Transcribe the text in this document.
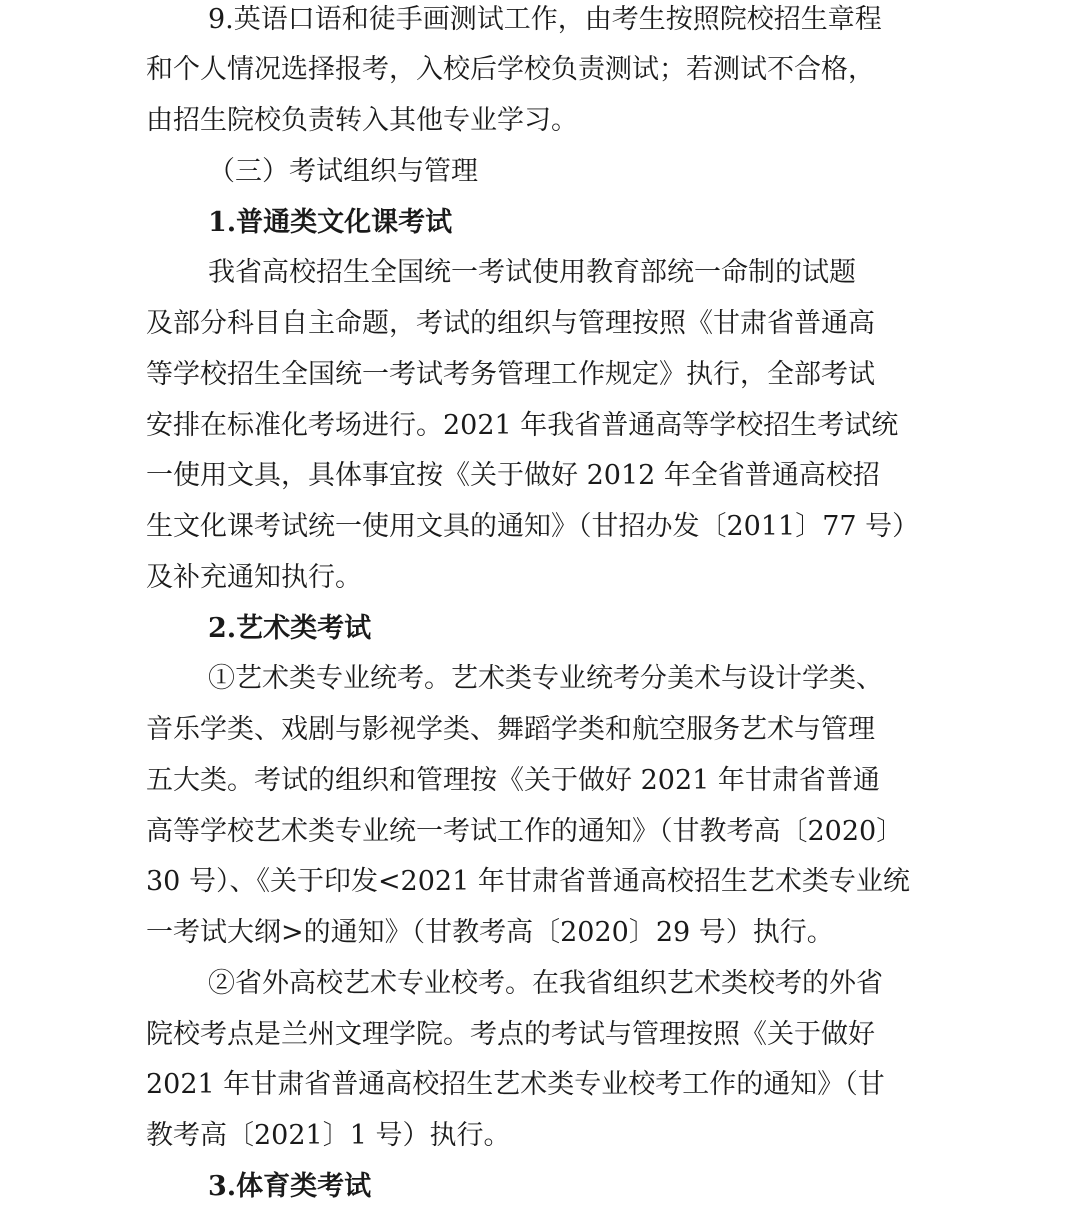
9.英语口语和徒手画测试工作，由考生按照院校招生章程
和个人情况选择报考，入校后学校负责测试；若测试不合格，
由招生院校负责转入其他专业学习。
（三）考试组织与管理
1.普通类文化课考试
我省高校招生全国统一考试使用教育部统一命制的试题
及部分科目自主命题，考试的组织与管理按照《甘肃省普通高
等学校招生全国统一考试考务管理工作规定》执行，全部考试
安排在标准化考场进行。2021 年我省普通高等学校招生考试统
一使用文具，具体事宜按《关于做好 2012 年全省普通高校招
生文化课考试统一使用文具的通知》（甘招办发〔2011〕77 号）
及补充通知执行。
2.艺术类考试
①艺术类专业统考。艺术类专业统考分美术与设计学类、
音乐学类、戏剧与影视学类、舞蹈学类和航空服务艺术与管理
五大类。考试的组织和管理按《关于做好 2021 年甘肃省普通
高等学校艺术类专业统一考试工作的通知》（甘教考高〔2020〕
30 号）、《关于印发<2021 年甘肃省普通高校招生艺术类专业统
一考试大纲>的通知》（甘教考高〔2020〕29 号）执行。
②省外高校艺术专业校考。在我省组织艺术类校考的外省
院校考点是兰州文理学院。考点的考试与管理按照《关于做好
2021 年甘肃省普通高校招生艺术类专业校考工作的通知》（甘
教考高〔2021〕1 号）执行。
3.体育类考试
